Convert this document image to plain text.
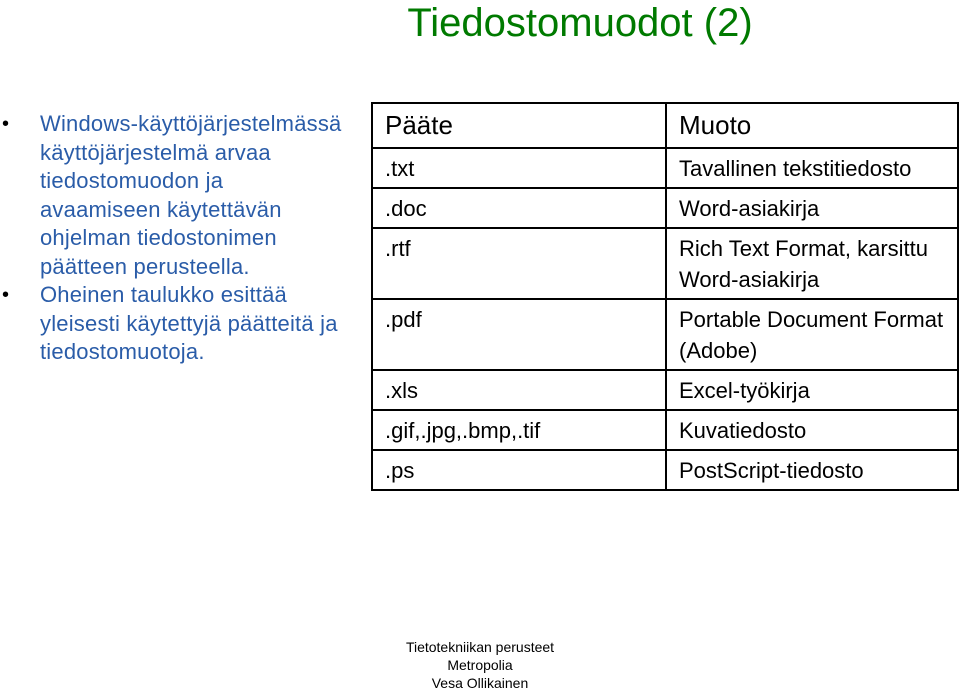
Tiedostomuodot (2)
• Windows-käyttöjärjestelmässä käyttöjärjestelmä arvaa tiedostomuodon ja avaamiseen käytettävän ohjelman tiedostonimen päätteen perusteella.
• Oheinen taulukko esittää yleisesti käytettyjä päätteitä ja tiedostomuotoja.
Pääte	Muoto
.txt	Tavallinen tekstitiedosto
.doc	Word-asiakirja
.rtf	Rich Text Format, karsittu Word-asiakirja
.pdf	Portable Document Format (Adobe)
.xls	Excel-työkirja
.gif,.jpg,.bmp,.tif	Kuvatiedosto
.ps	PostScript-tiedosto
Tietotekniikan perusteet
Metropolia
Vesa Ollikainen
